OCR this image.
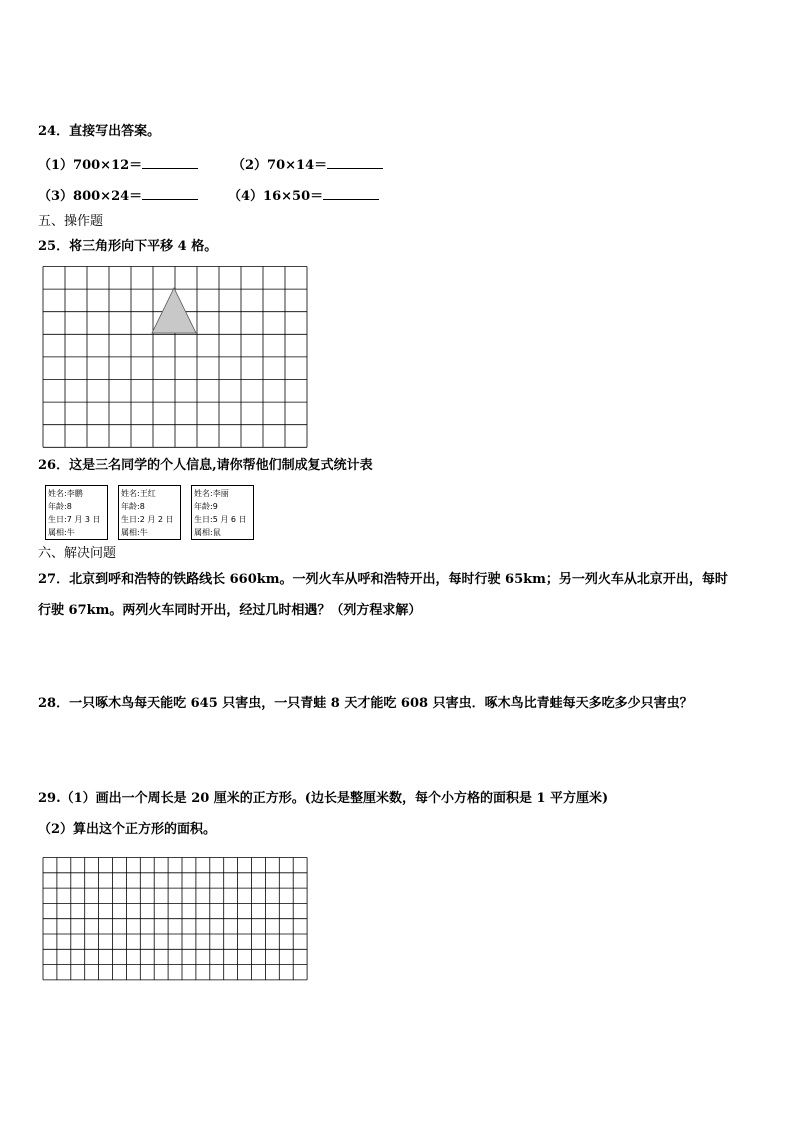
24．直接写出答案。
（1）700×12＝	（2）70×14＝
（3）800×24＝	（4）16×50＝
五、操作题
25．将三角形向下平移 4 格。
26．这是三名同学的个人信息,请你帮他们制成复式统计表
姓名:李鹏
年龄:8
生日:7 月 3 日
属相:牛
姓名:王红
年龄:8
生日:2 月 2 日
属相:牛
姓名:李丽
年龄:9
生日:5 月 6 日
属相:鼠
六、解决问题
27．北京到呼和浩特的铁路线长 660km。一列火车从呼和浩特开出，每时行驶 65km；另一列火车从北京开出，每时
行驶 67km。两列火车同时开出，经过几时相遇？（列方程求解）
28．一只啄木鸟每天能吃 645 只害虫，一只青蛙 8 天才能吃 608 只害虫．啄木鸟比青蛙每天多吃多少只害虫？
29.（1）画出一个周长是 20 厘米的正方形。(边长是整厘米数，每个小方格的面积是 1 平方厘米)
（2）算出这个正方形的面积。
